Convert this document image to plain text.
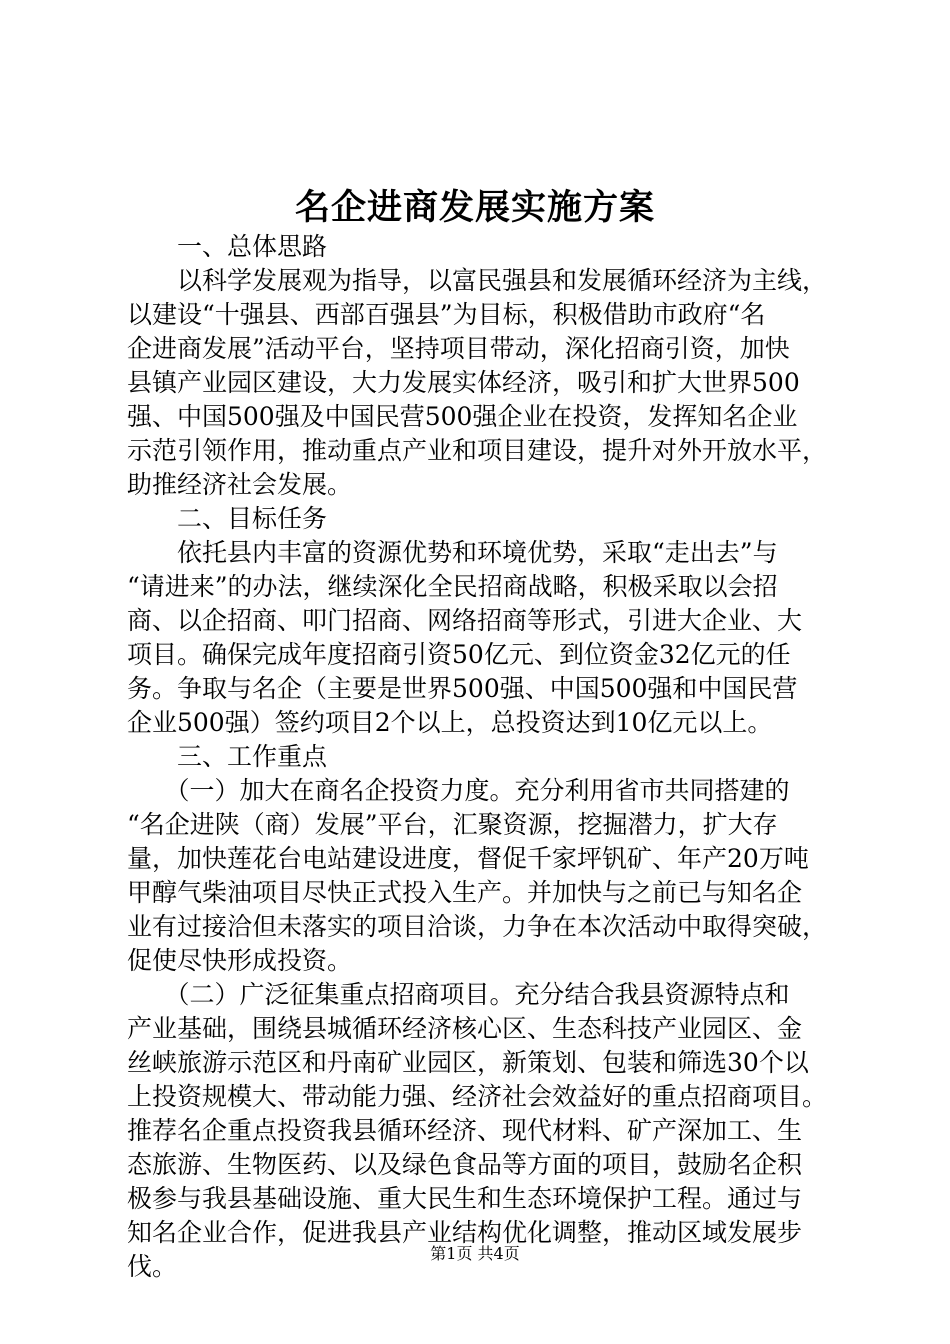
名企进商发展实施方案
　　一、总体思路
　　以科学发展观为指导，以富民强县和发展循环经济为主线，
以建设“十强县、西部百强县”为目标，积极借助市政府“名
企进商发展”活动平台，坚持项目带动，深化招商引资，加快
县镇产业园区建设，大力发展实体经济，吸引和扩大世界500
强、中国500强及中国民营500强企业在投资，发挥知名企业
示范引领作用，推动重点产业和项目建设，提升对外开放水平，
助推经济社会发展。
　　二、目标任务
　　依托县内丰富的资源优势和环境优势，采取“走出去”与
“请进来”的办法，继续深化全民招商战略，积极采取以会招
商、以企招商、叩门招商、网络招商等形式，引进大企业、大
项目。确保完成年度招商引资50亿元、到位资金32亿元的任
务。争取与名企（主要是世界500强、中国500强和中国民营
企业500强）签约项目2个以上，总投资达到10亿元以上。
　　三、工作重点
　　（一）加大在商名企投资力度。充分利用省市共同搭建的
“名企进陕（商）发展”平台，汇聚资源，挖掘潜力，扩大存
量，加快莲花台电站建设进度，督促千家坪钒矿、年产20万吨
甲醇气柴油项目尽快正式投入生产。并加快与之前已与知名企
业有过接洽但未落实的项目洽谈，力争在本次活动中取得突破，
促使尽快形成投资。
　　（二）广泛征集重点招商项目。充分结合我县资源特点和
产业基础，围绕县城循环经济核心区、生态科技产业园区、金
丝峡旅游示范区和丹南矿业园区，新策划、包装和筛选30个以
上投资规模大、带动能力强、经济社会效益好的重点招商项目。
推荐名企重点投资我县循环经济、现代材料、矿产深加工、生
态旅游、生物医药、以及绿色食品等方面的项目，鼓励名企积
极参与我县基础设施、重大民生和生态环境保护工程。通过与
知名企业合作，促进我县产业结构优化调整，推动区域发展步
伐。	第1页 共4页
